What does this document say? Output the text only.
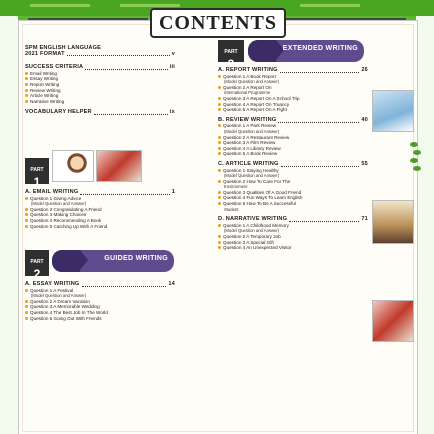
CONTENTS
SPM ENGLISH LANGUAGE
2021 FORMAT	v
SUCCESS CRITERIA	iii
Email Writing
Essay Writing
Report Writing
Review Writing
Article Writing
Narrative Writing
VOCABULARY HELPER	ix
PART
1
A. EMAIL WRITING	1
Question 1 Giving Advice
(Model Question and Answer)
Question 2 Congratulating A Friend
Question 3 Making Choices
Question 4 Recommending A Book
Question 5 Catching Up With A Friend
PART
2
GUIDED WRITING
A. ESSAY WRITING	14
Question 1 A Festival
(Model Question and Answer)
Question 2 A Dream Vacation
Question 3 A Memorable Wedding
Question 4 The Best Job In The World
Question 5 Going Out With Friends
EXTENDED WRITING
PART
3
A. REPORT WRITING	26
Question 1 A Book Report
(Model Question and Answer)
Question 2 A Report On
International Programme
Question 3 A Report On A School Trip
Question 4 A Report On Truancy
Question 5 A Report On A Fight
B. REVIEW WRITING	40
Question 1 A Park Review
(Model Question and Answer)
Question 2 A Restaurant Review
Question 3 A Film Review
Question 4 A Library Review
Question 5 A Book Review
C. ARTICLE WRITING	55
Question 1 Staying Healthy
(Model Question and Answer)
Question 2 How To Care For The
Environment
Question 3 Qualities Of A Good Friend
Question 4 Fun Ways To Learn English
Question 5 How To Be A Successful
Student
D. NARRATIVE WRITING	71
Question 1 A Childhood Memory
(Model Question and Answer)
Question 2 A Temporary Job
Question 3 A Special Gift
Question 4 An Unexpected Visitor
